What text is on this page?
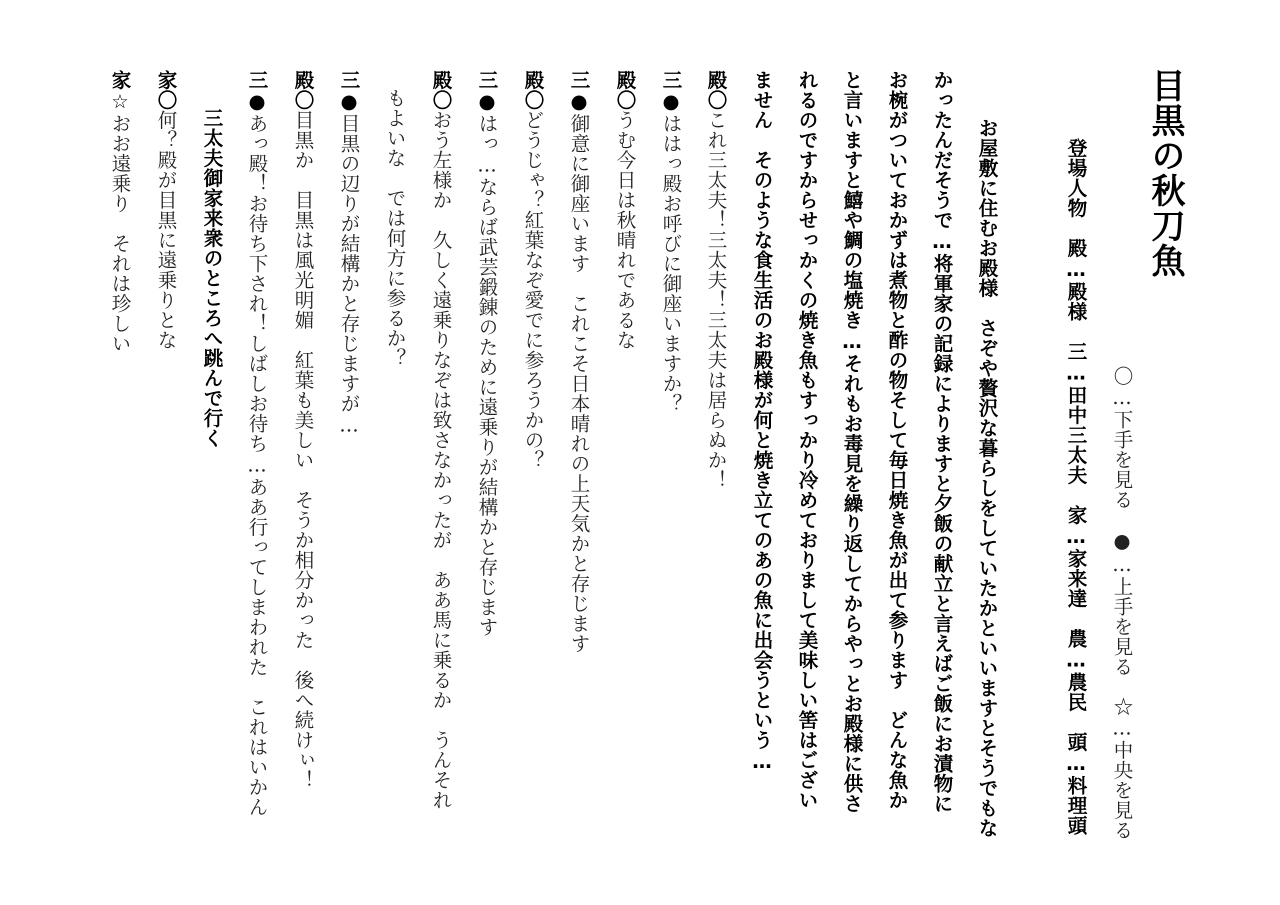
目黒の秋刀魚
〇…下手を見る　●…上手を見る　☆…中央を見る
登場人物　殿…殿様　三…田中三太夫　家…家来達　農…農民　頭…料理頭
お屋敷に住むお殿様　さぞや贅沢な暮らしをしていたかといいますとそうでもな
かったんだそうで…将軍家の記録によりますと夕飯の献立と言えばご飯にお漬物に
お椀がついておかずは煮物と酢の物そして毎日焼き魚が出て参ります　どんな魚か
と言いますと鱚や鯛の塩焼き…それもお毒見を繰り返してからやっとお殿様に供さ
れるのですからせっかくの焼き魚もすっかり冷めておりまして美味しい筈はござい
ません　そのような食生活のお殿様が何と焼き立てのあの魚に出会うという…
殿〇これ三太夫！三太夫！三太夫は居らぬか！
三●ははっ殿お呼びに御座いますか？
殿〇うむ今日は秋晴れであるな
三●御意に御座います　これこそ日本晴れの上天気かと存じます
殿〇どうじゃ？紅葉なぞ愛でに参ろうかの？
三●はっ…ならば武芸鍛錬のために遠乗りが結構かと存じます
殿〇おう左様か　久しく遠乗りなぞは致さなかったが　ああ馬に乗るか　うんそれ
もよいな　では何方に参るか？
三●目黒の辺りが結構かと存じますが…
殿〇目黒か　目黒は風光明媚　紅葉も美しい　そうか相分かった　後へ続けぃ！
三●あっ殿！お待ち下され！しばしお待ち…ああ行ってしまわれた　これはいかん
三太夫御家来衆のところへ跳んで行く
家〇何？殿が目黒に遠乗りとな
家☆おお遠乗り　それは珍しい
